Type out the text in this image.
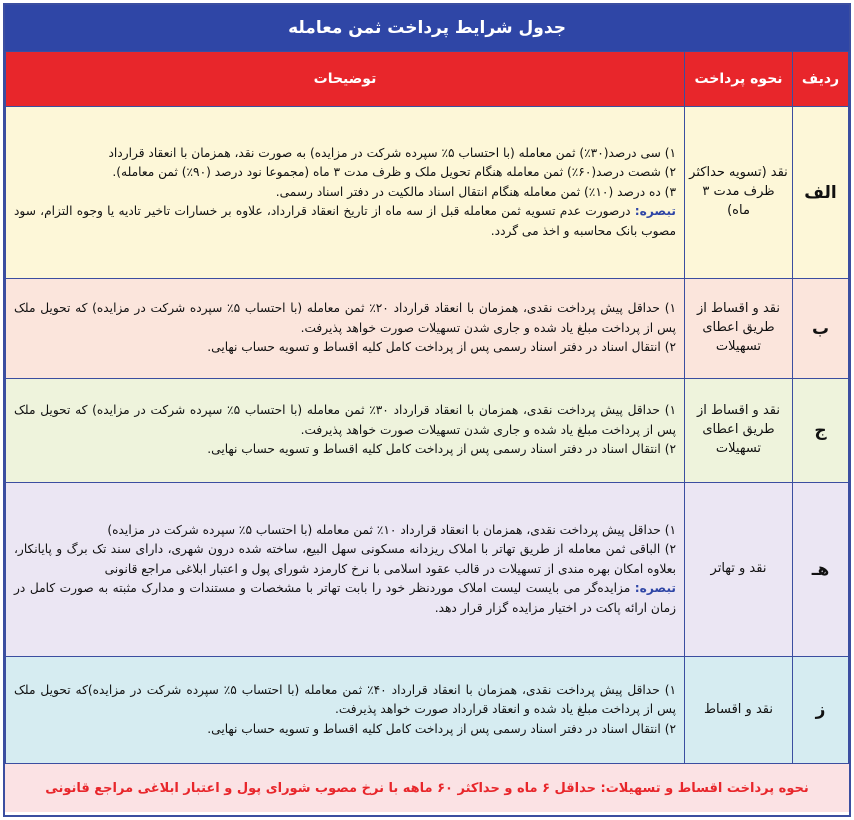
جدول شرایط پرداخت ثمن معامله
ردیف	نحوه پرداخت	توضیحات
الف	نقد (تسویه حداکثر ظرف مدت ۳ ماه)	۱) سی درصد(۳۰٪) ثمن معامله (با احتساب ۵٪ سپرده شرکت در مزایده) به صورت نقد، همزمان با انعقاد قرارداد

۲) شصت درصد(۶۰٪) ثمن معامله هنگام تحویل ملک و ظرف مدت ۳ ماه (مجموعا نود درصد (۹۰٪) ثمن معامله).

۳) ده درصد (۱۰٪) ثمن معامله هنگام انتقال اسناد مالکیت در دفتر اسناد رسمی.

تبصره: درصورت عدم تسویه ثمن معامله قبل از سه ماه از تاریخ انعقاد قرارداد، علاوه بر خسارات تاخیر تادیه یا وجوه التزام، سود مصوب بانک محاسبه و اخذ می گردد.

ب	نقد و اقساط از طریق اعطای تسهیلات	۱) حداقل پیش پرداخت نقدی، همزمان با انعقاد قرارداد ۲۰٪ ثمن معامله (با احتساب ۵٪ سپرده شرکت در مزایده) که تحویل ملک پس از پرداخت مبلغ یاد شده و جاری شدن تسهیلات صورت خواهد پذیرفت.

۲) انتقال اسناد در دفتر اسناد رسمی پس از پرداخت کامل کلیه اقساط و تسویه حساب نهایی.

ج	نقد و اقساط از طریق اعطای تسهیلات	۱) حداقل پیش پرداخت نقدی، همزمان با انعقاد قرارداد ۳۰٪ ثمن معامله (با احتساب ۵٪ سپرده شرکت در مزایده) که تحویل ملک پس از پرداخت مبلغ یاد شده و جاری شدن تسهیلات صورت خواهد پذیرفت.

۲) انتقال اسناد در دفتر اسناد رسمی پس از پرداخت کامل کلیه اقساط و تسویه حساب نهایی.

هـ	نقد و تهاتر	۱) حداقل پیش پرداخت نقدی، همزمان با انعقاد قرارداد ۱۰٪ ثمن معامله (با احتساب ۵٪ سپرده شرکت در مزایده)

۲) الباقی ثمن معامله از طریق تهاتر با املاک ریزدانه مسکونی سهل البیع، ساخته شده درون شهری، دارای سند تک برگ و پایانکار، بعلاوه امکان بهره مندی از تسهیلات در قالب عقود اسلامی با نرخ کارمزد شورای پول و اعتبار ابلاغی مراجع قانونی

تبصره: مزایده‌گر می بایست لیست املاک موردنظر خود را بابت تهاتر با مشخصات و مستندات و مدارک مثبته به صورت کامل در زمان ارائه پاکت در اختیار مزایده گزار قرار دهد.

ز	نقد و اقساط	۱) حداقل پیش پرداخت نقدی، همزمان با انعقاد قرارداد ۴۰٪ ثمن معامله (با احتساب ۵٪ سپرده شرکت در مزایده)که تحویل ملک پس از پرداخت مبلغ یاد شده و انعقاد قرارداد صورت خواهد پذیرفت.

۲) انتقال اسناد در دفتر اسناد رسمی پس از پرداخت کامل کلیه اقساط و تسویه حساب نهایی.

نحوه پرداخت اقساط و تسهیلات: حداقل ۶ ماه و حداکثر ۶۰ ماهه با نرخ مصوب شورای پول و اعتبار ابلاغی مراجع قانونی
